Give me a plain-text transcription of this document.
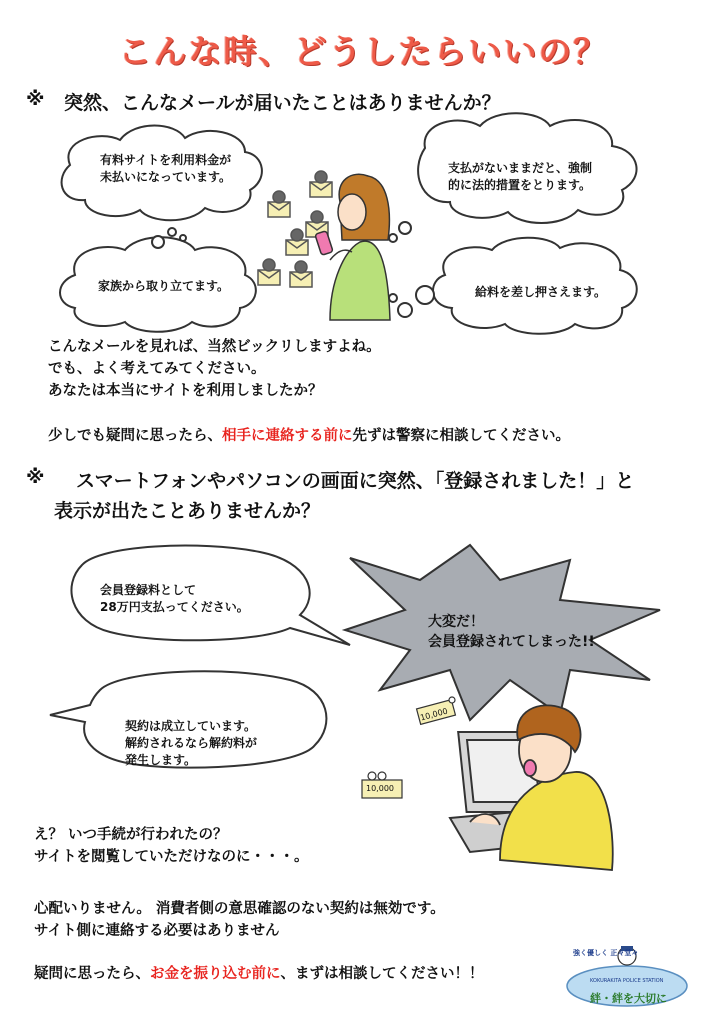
こんな時、どうしたらいいの？
※ 突然、こんなメールが届いたことはありませんか？
有料サイトを利用料金が
未払いになっています。
支払がないままだと、強制
的に法的措置をとります。
家族から取り立てます。	給料を差し押さえます。
こんなメールを見れば、当然ビックリしますよね。
でも、よく考えてみてください。
あなたは本当にサイトを利用しましたか？
少しでも疑問に思ったら、相手に連絡する前に先ずは警察に相談してください。
※ スマートフォンやパソコンの画面に突然、「登録されました！」と
表示が出たことありませんか？
会員登録料として
28万円支払ってください。
契約は成立しています。
解約されるなら解約料が
発生します。
大変だ！
会員登録されてしまった!!
10,000
10,000
え？ いつ手続が行われたの？
サイトを閲覧していただけなのに・・・。
心配いりません。 消費者側の意思確認のない契約は無効です。
サイト側に連絡する必要はありません
疑問に思ったら、お金を振り込む前に、まずは相談してください！！
強く優しく 正々堂々
KOKURAKITA POLICE STATION
絆・絆を大切に
